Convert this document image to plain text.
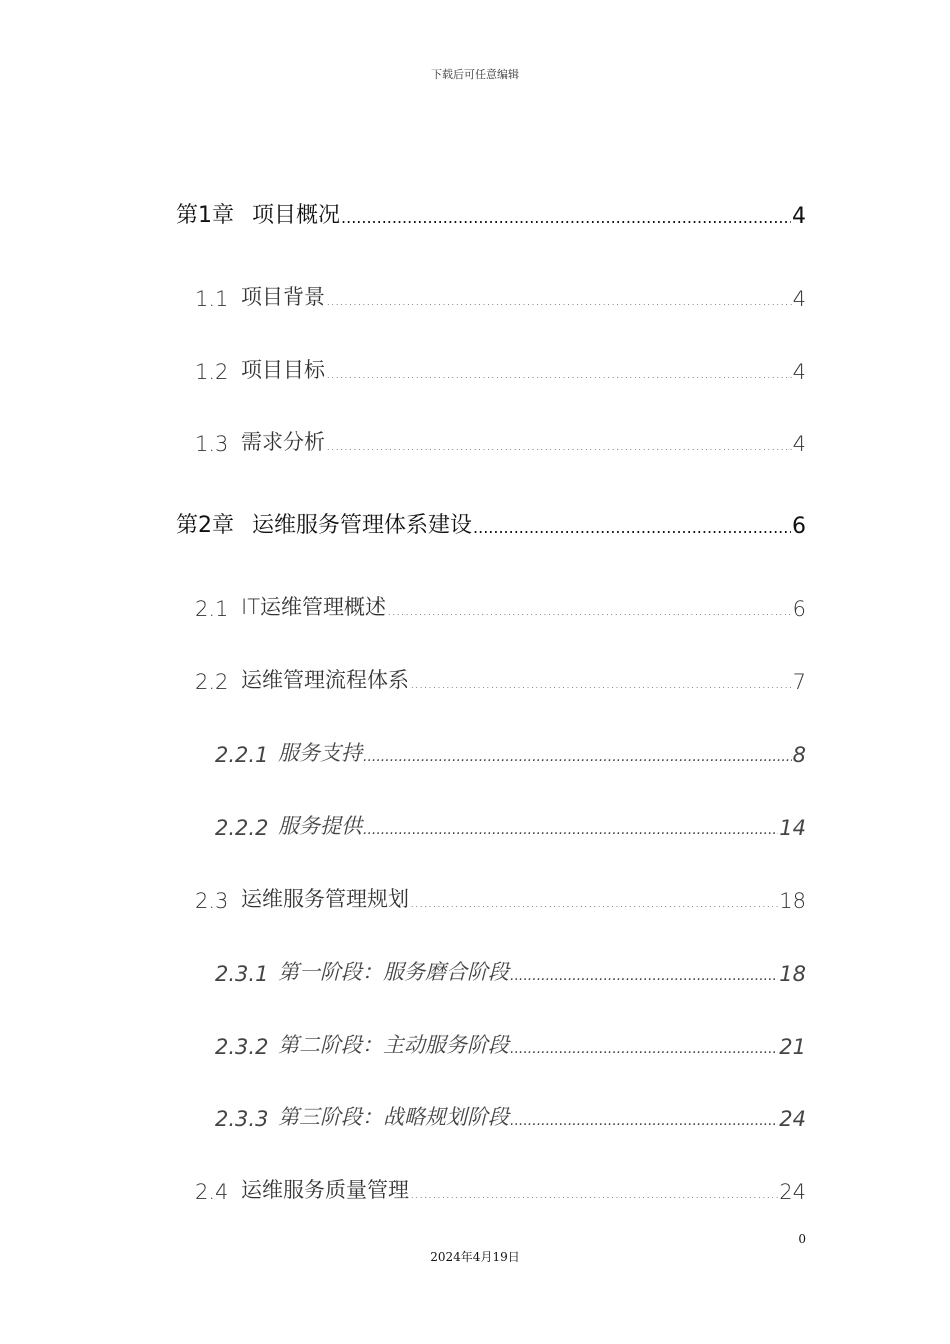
下载后可任意编辑
第1章 项目概况 .....	4
1.1 项目背景 .....	4
1.2 项目目标 .....	4
1.3 需求分析 .....	4
第2章 运维服务管理体系建设 .....	6
2.1 IT运维管理概述 .....	6
2.2 运维管理流程体系 .....	7
2.2.1 服务支持 .....	8
2.2.2 服务提供 .....	14
2.3 运维服务管理规划 .....	18
2.3.1 第一阶段：服务磨合阶段 .....	18
2.3.2 第二阶段：主动服务阶段 .....	21
2.3.3 第三阶段：战略规划阶段 .....	24
2.4 运维服务质量管理 .....	24
0
2024年4月19日
